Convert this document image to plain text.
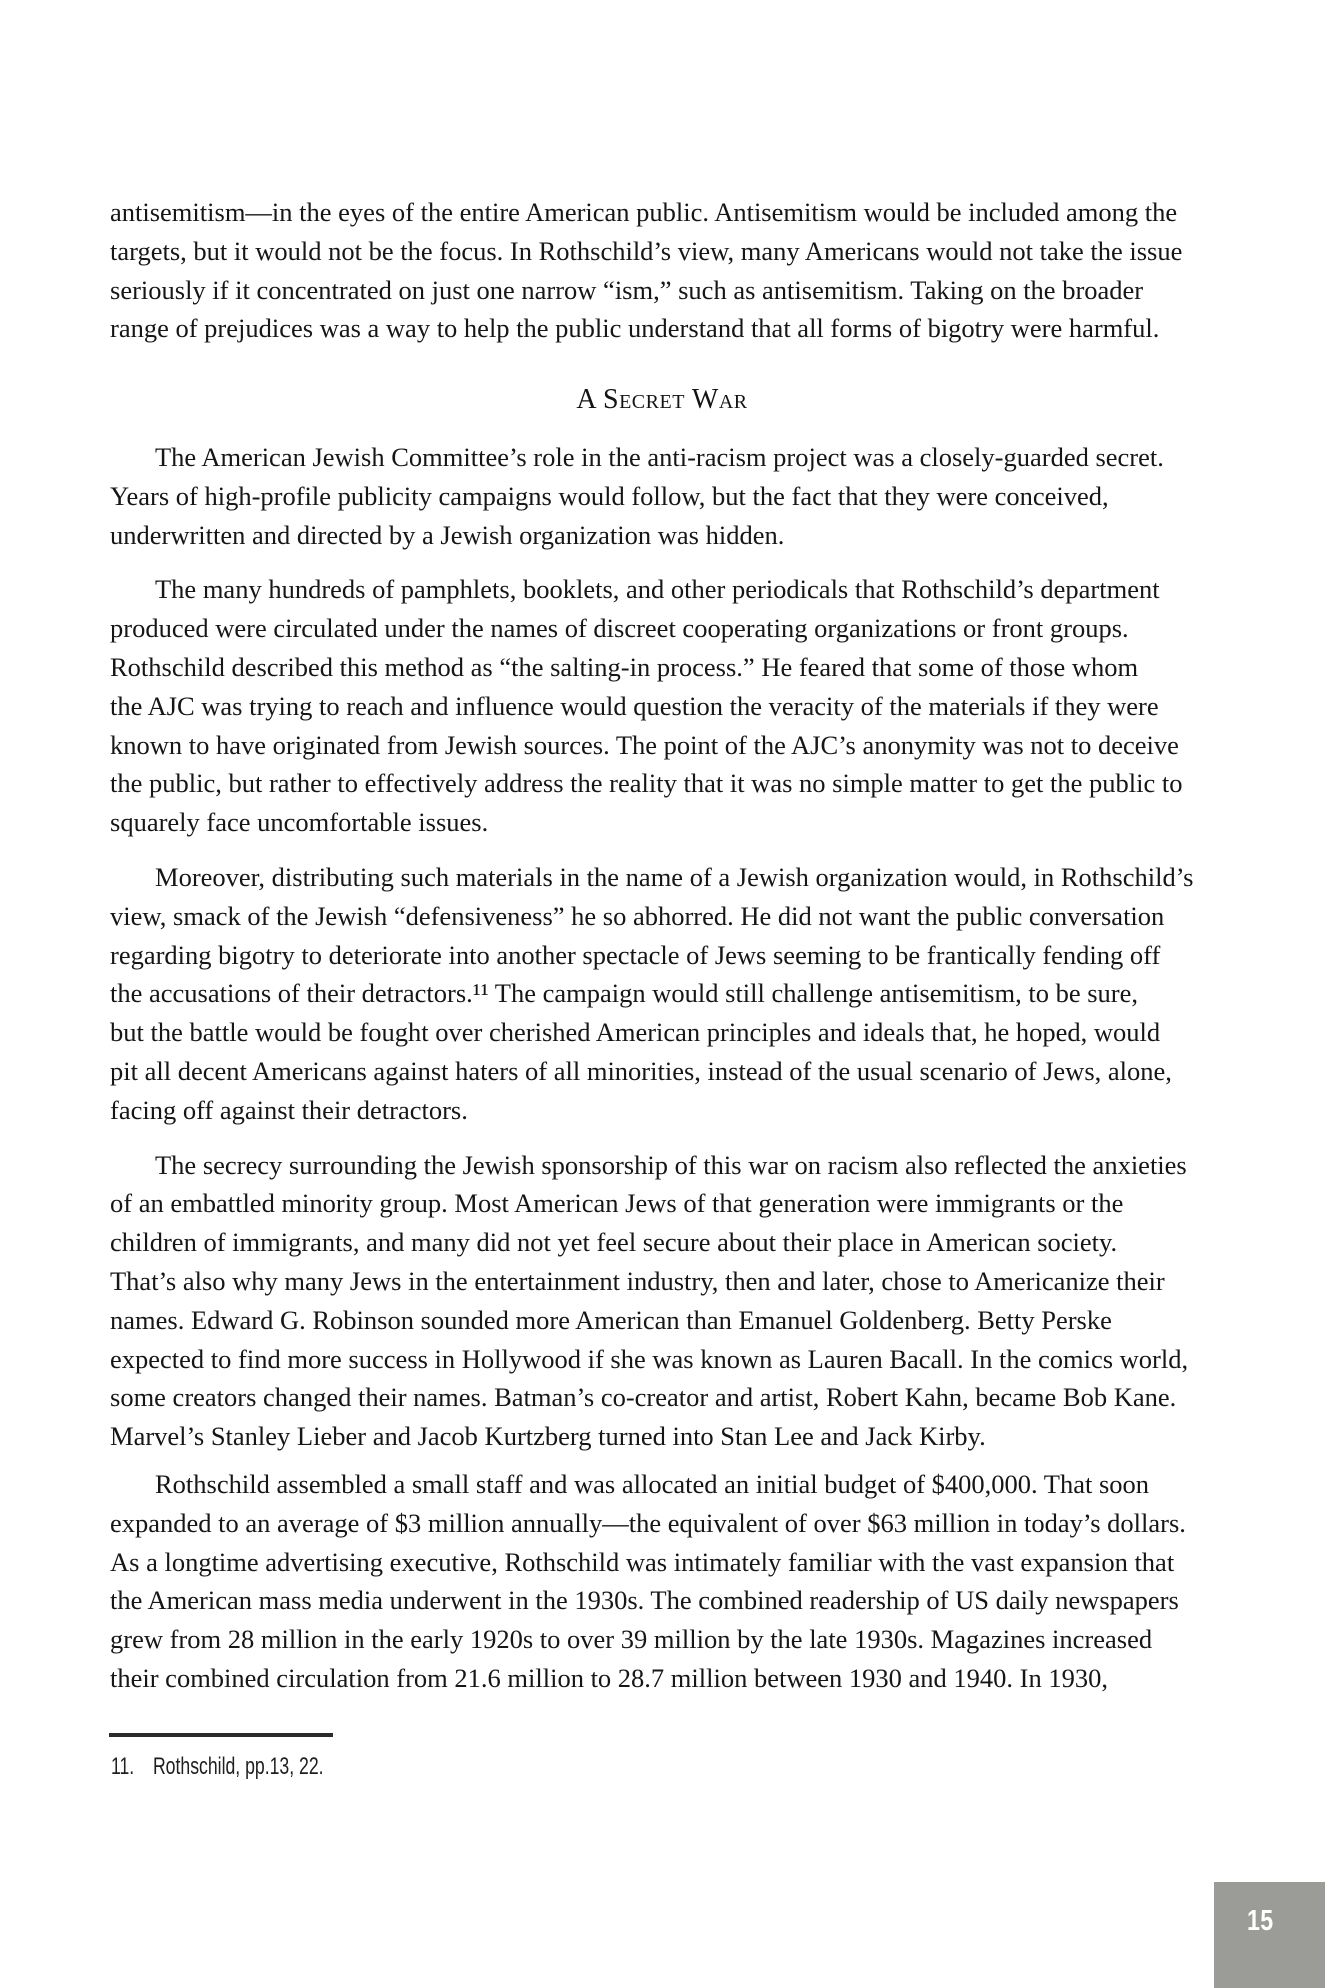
antisemitism—in the eyes of the entire American public. Antisemitism would be included among the
targets, but it would not be the focus. In Rothschild’s view, many Americans would not take the issue
seriously if it concentrated on just one narrow “ism,” such as antisemitism. Taking on the broader
range of prejudices was a way to help the public understand that all forms of bigotry were harmful.
A Secret War
The American Jewish Committee’s role in the anti-racism project was a closely-guarded secret.
Years of high-profile publicity campaigns would follow, but the fact that they were conceived,
underwritten and directed by a Jewish organization was hidden.
The many hundreds of pamphlets, booklets, and other periodicals that Rothschild’s department
produced were circulated under the names of discreet cooperating organizations or front groups.
Rothschild described this method as “the salting-in process.” He feared that some of those whom
the AJC was trying to reach and influence would question the veracity of the materials if they were
known to have originated from Jewish sources. The point of the AJC’s anonymity was not to deceive
the public, but rather to effectively address the reality that it was no simple matter to get the public to
squarely face uncomfortable issues.
Moreover, distributing such materials in the name of a Jewish organization would, in Rothschild’s
view, smack of the Jewish “defensiveness” he so abhorred. He did not want the public conversation
regarding bigotry to deteriorate into another spectacle of Jews seeming to be frantically fending off
the accusations of their detractors.¹¹ The campaign would still challenge antisemitism, to be sure,
but the battle would be fought over cherished American principles and ideals that, he hoped, would
pit all decent Americans against haters of all minorities, instead of the usual scenario of Jews, alone,
facing off against their detractors.
The secrecy surrounding the Jewish sponsorship of this war on racism also reflected the anxieties
of an embattled minority group. Most American Jews of that generation were immigrants or the
children of immigrants, and many did not yet feel secure about their place in American society.
That’s also why many Jews in the entertainment industry, then and later, chose to Americanize their
names. Edward G. Robinson sounded more American than Emanuel Goldenberg. Betty Perske
expected to find more success in Hollywood if she was known as Lauren Bacall. In the comics world,
some creators changed their names. Batman’s co-creator and artist, Robert Kahn, became Bob Kane.
Marvel’s Stanley Lieber and Jacob Kurtzberg turned into Stan Lee and Jack Kirby.
Rothschild assembled a small staff and was allocated an initial budget of $400,000. That soon
expanded to an average of $3 million annually—the equivalent of over $63 million in today’s dollars.
As a longtime advertising executive, Rothschild was intimately familiar with the vast expansion that
the American mass media underwent in the 1930s. The combined readership of US daily newspapers
grew from 28 million in the early 1920s to over 39 million by the late 1930s. Magazines increased
their combined circulation from 21.6 million to 28.7 million between 1930 and 1940. In 1930,
11. Rothschild, pp.13, 22.
15
